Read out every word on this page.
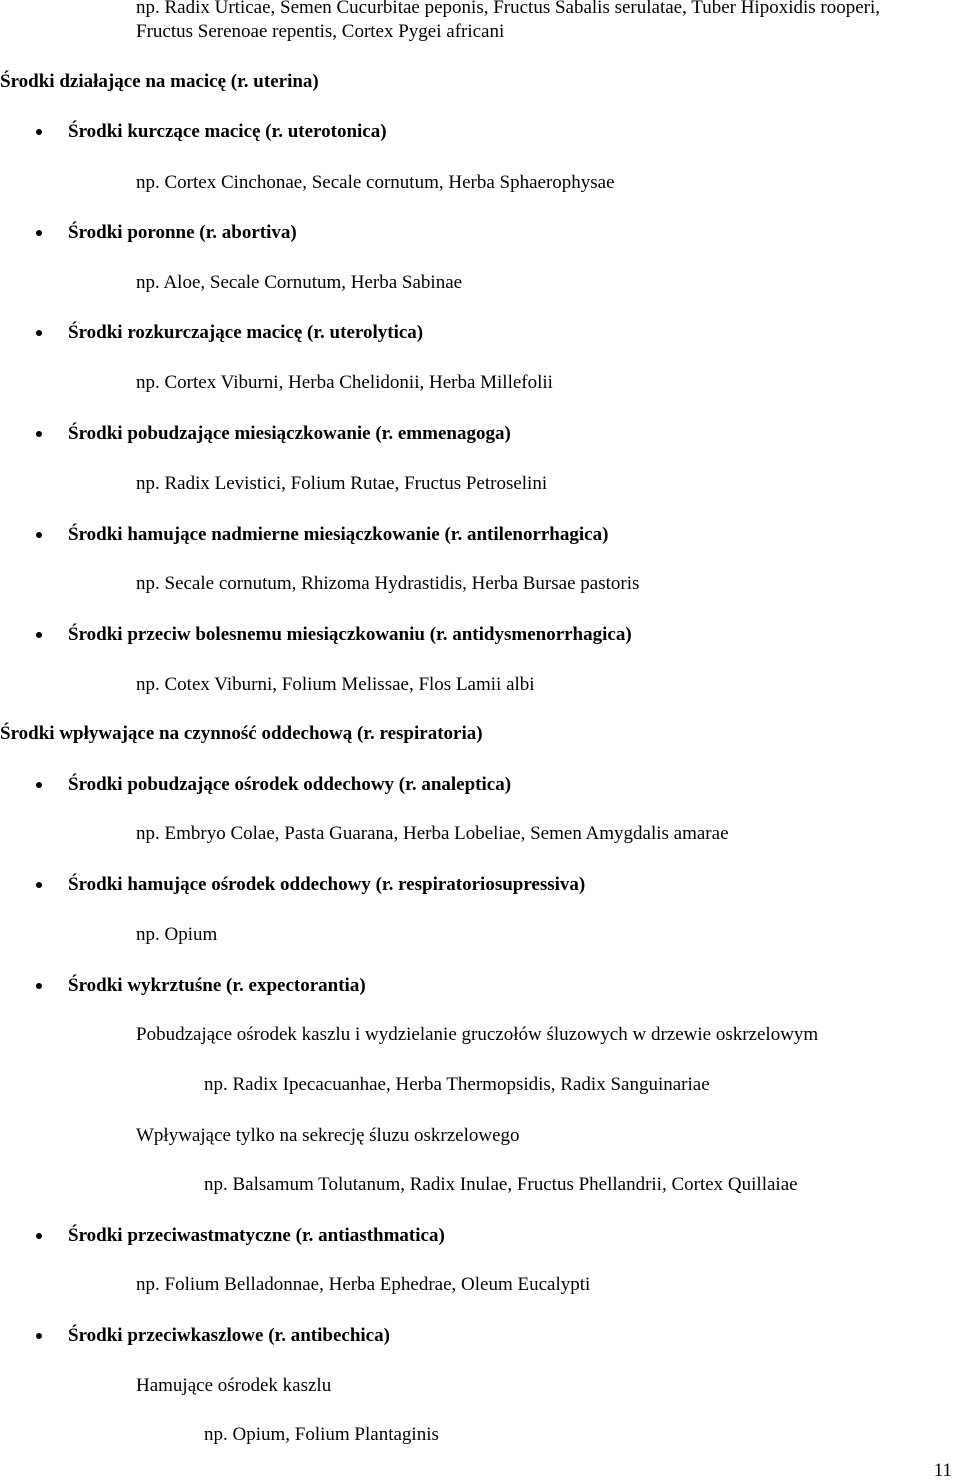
np. Radix Urticae, Semen Cucurbitae peponis, Fructus Sabalis serulatae, Tuber Hipoxidis rooperi,
Fructus Serenoae repentis, Cortex Pygei africani
Środki działające na macicę (r. uterina)
Środki kurczące macicę (r. uterotonica)
np. Cortex Cinchonae, Secale cornutum, Herba Sphaerophysae
Środki poronne (r. abortiva)
np. Aloe, Secale Cornutum, Herba Sabinae
Środki rozkurczające macicę (r. uterolytica)
np. Cortex Viburni, Herba Chelidonii, Herba Millefolii
Środki pobudzające miesiączkowanie (r. emmenagoga)
np. Radix Levistici, Folium Rutae, Fructus Petroselini
Środki hamujące nadmierne miesiączkowanie (r. antilenorrhagica)
np. Secale cornutum, Rhizoma Hydrastidis, Herba Bursae pastoris
Środki przeciw bolesnemu miesiączkowaniu (r. antidysmenorrhagica)
np. Cotex Viburni, Folium Melissae, Flos Lamii albi
Środki wpływające na czynność oddechową (r. respiratoria)
Środki pobudzające ośrodek oddechowy (r. analeptica)
np. Embryo Colae, Pasta Guarana, Herba Lobeliae, Semen Amygdalis amarae
Środki hamujące ośrodek oddechowy (r. respiratoriosupressiva)
np. Opium
Środki wykrztuśne (r. expectorantia)
Pobudzające ośrodek kaszlu i wydzielanie gruczołów śluzowych w drzewie oskrzelowym
np. Radix Ipecacuanhae, Herba Thermopsidis, Radix Sanguinariae
Wpływające tylko na sekrecję śluzu oskrzelowego
np. Balsamum Tolutanum, Radix Inulae, Fructus Phellandrii, Cortex Quillaiae
Środki przeciwastmatyczne (r. antiasthmatica)
np. Folium Belladonnae, Herba Ephedrae, Oleum Eucalypti
Środki przeciwkaszlowe (r. antibechica)
Hamujące ośrodek kaszlu
np. Opium, Folium Plantaginis
11
